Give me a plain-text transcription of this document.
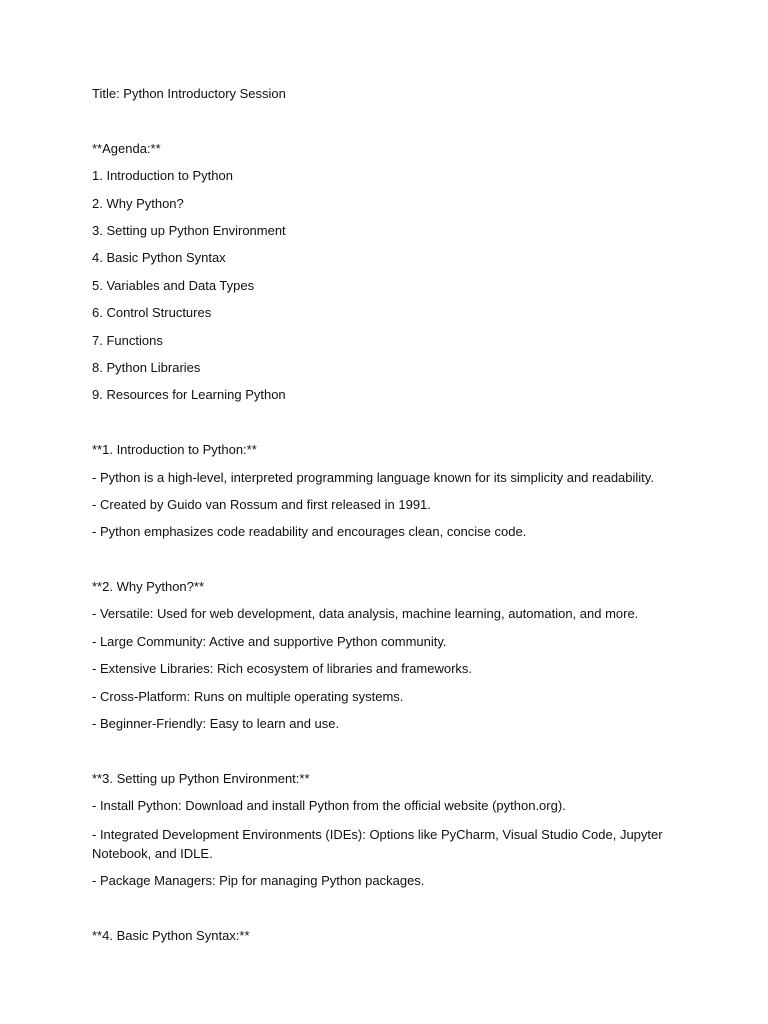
Title: Python Introductory Session
**Agenda:**
1. Introduction to Python
2. Why Python?
3. Setting up Python Environment
4. Basic Python Syntax
5. Variables and Data Types
6. Control Structures
7. Functions
8. Python Libraries
9. Resources for Learning Python
**1. Introduction to Python:**
- Python is a high-level, interpreted programming language known for its simplicity and readability.
- Created by Guido van Rossum and first released in 1991.
- Python emphasizes code readability and encourages clean, concise code.
**2. Why Python?**
- Versatile: Used for web development, data analysis, machine learning, automation, and more.
- Large Community: Active and supportive Python community.
- Extensive Libraries: Rich ecosystem of libraries and frameworks.
- Cross-Platform: Runs on multiple operating systems.
- Beginner-Friendly: Easy to learn and use.
**3. Setting up Python Environment:**
- Install Python: Download and install Python from the official website (python.org).
- Integrated Development Environments (IDEs): Options like PyCharm, Visual Studio Code, Jupyter Notebook, and IDLE.
- Package Managers: Pip for managing Python packages.
**4. Basic Python Syntax:**
